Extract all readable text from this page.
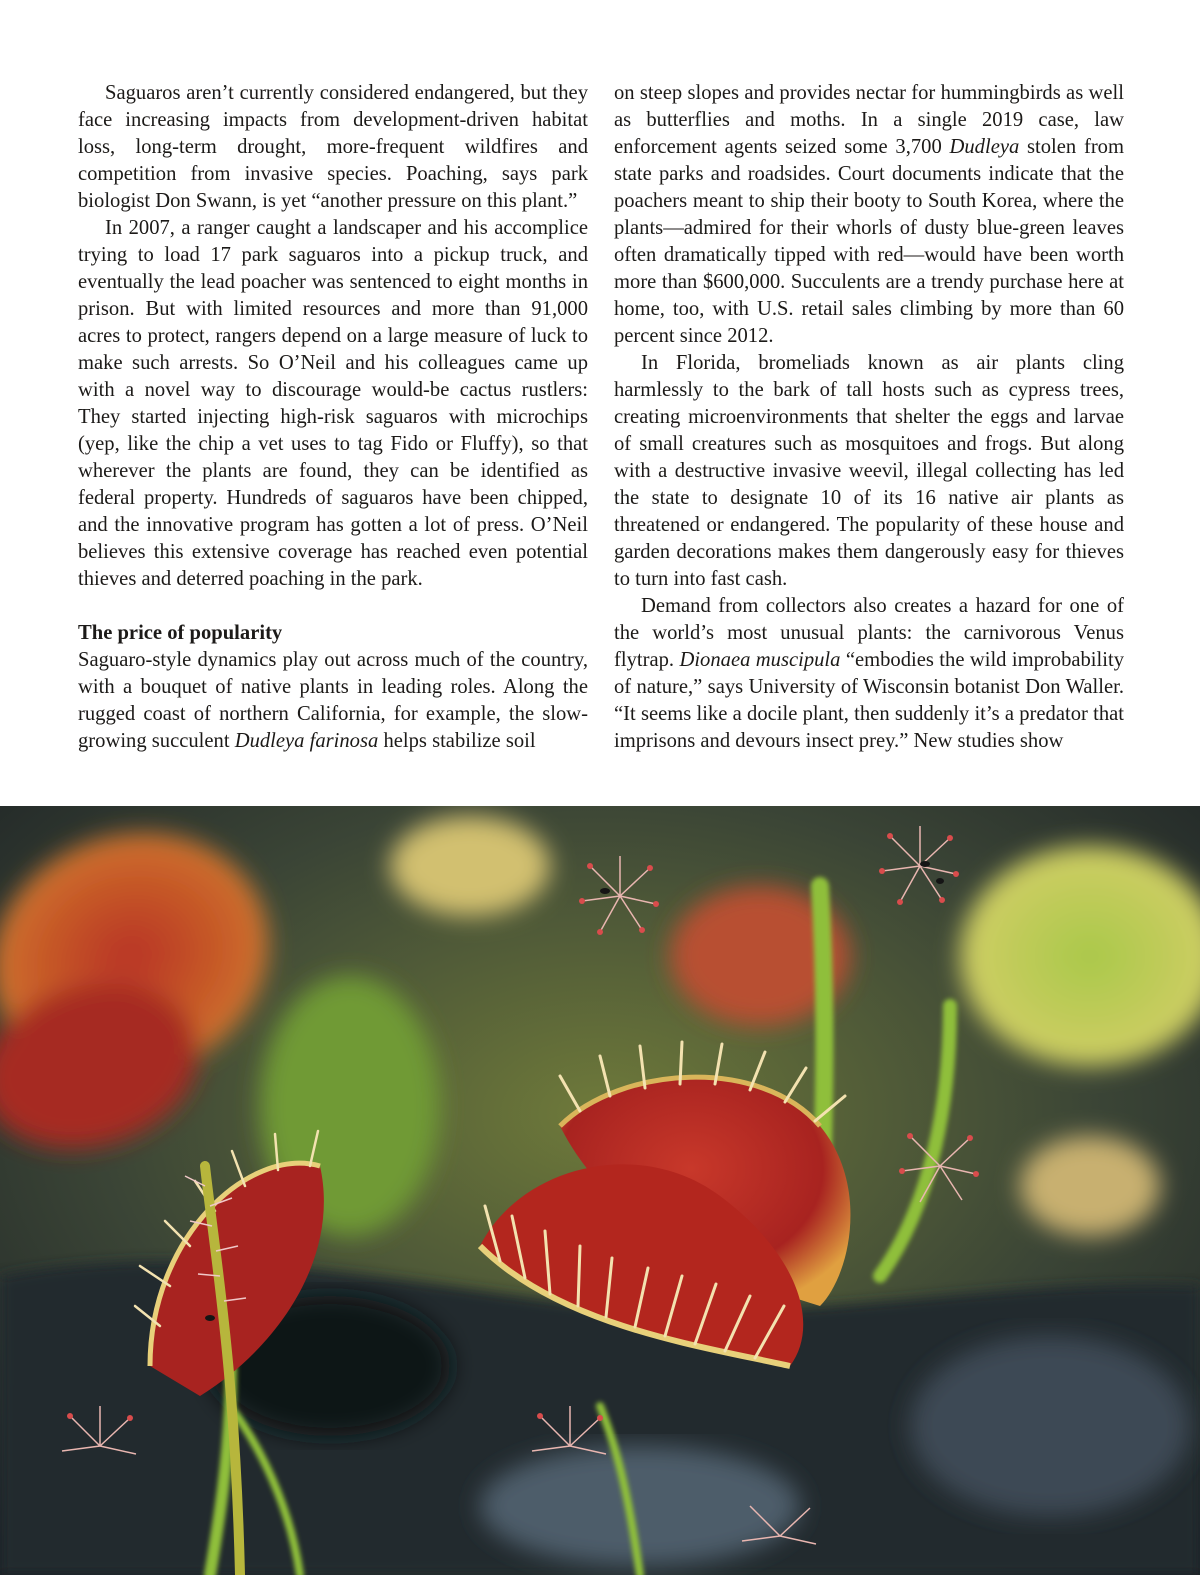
Saguaros aren’t currently considered endangered, but they face increasing impacts from development-driven habitat loss, long-term drought, more-frequent wildfires and competition from invasive species. Poaching, says park biologist Don Swann, is yet “another pressure on this plant.”

In 2007, a ranger caught a landscaper and his accomplice trying to load 17 park saguaros into a pickup truck, and eventually the lead poacher was sentenced to eight months in prison. But with limited resources and more than 91,000 acres to protect, rangers depend on a large measure of luck to make such arrests. So O’Neil and his colleagues came up with a novel way to discourage would-be cactus rustlers: They started injecting high-risk saguaros with microchips (yep, like the chip a vet uses to tag Fido or Fluffy), so that wherever the plants are found, they can be identified as federal property. Hundreds of saguaros have been chipped, and the innovative program has gotten a lot of press. O’Neil believes this extensive coverage has reached even potential thieves and deterred poaching in the park.

The price of popularity

Saguaro-style dynamics play out across much of the country, with a bouquet of native plants in leading roles. Along the rugged coast of northern California, for example, the slow-growing succulent Dudleya farinosa helps stabilize soil

on steep slopes and provides nectar for hummingbirds as well as butterflies and moths. In a single 2019 case, law enforcement agents seized some 3,700 Dudleya stolen from state parks and roadsides. Court documents indicate that the poachers meant to ship their booty to South Korea, where the plants—admired for their whorls of dusty blue-green leaves often dramatically tipped with red—would have been worth more than $600,000. Succulents are a trendy purchase here at home, too, with U.S. retail sales climbing by more than 60 percent since 2012.

In Florida, bromeliads known as air plants cling harmlessly to the bark of tall hosts such as cypress trees, creating microenvironments that shelter the eggs and larvae of small creatures such as mosquitoes and frogs. But along with a destructive invasive weevil, illegal collecting has led the state to designate 10 of its 16 native air plants as threatened or endangered. The popularity of these house and garden decorations makes them dangerously easy for thieves to turn into fast cash.

Demand from collectors also creates a hazard for one of the world’s most unusual plants: the carnivorous Venus flytrap. Dionaea muscipula “embodies the wild improbability of nature,” says University of Wisconsin botanist Don Waller. “It seems like a docile plant, then suddenly it’s a predator that imprisons and devours insect prey.” New studies show
